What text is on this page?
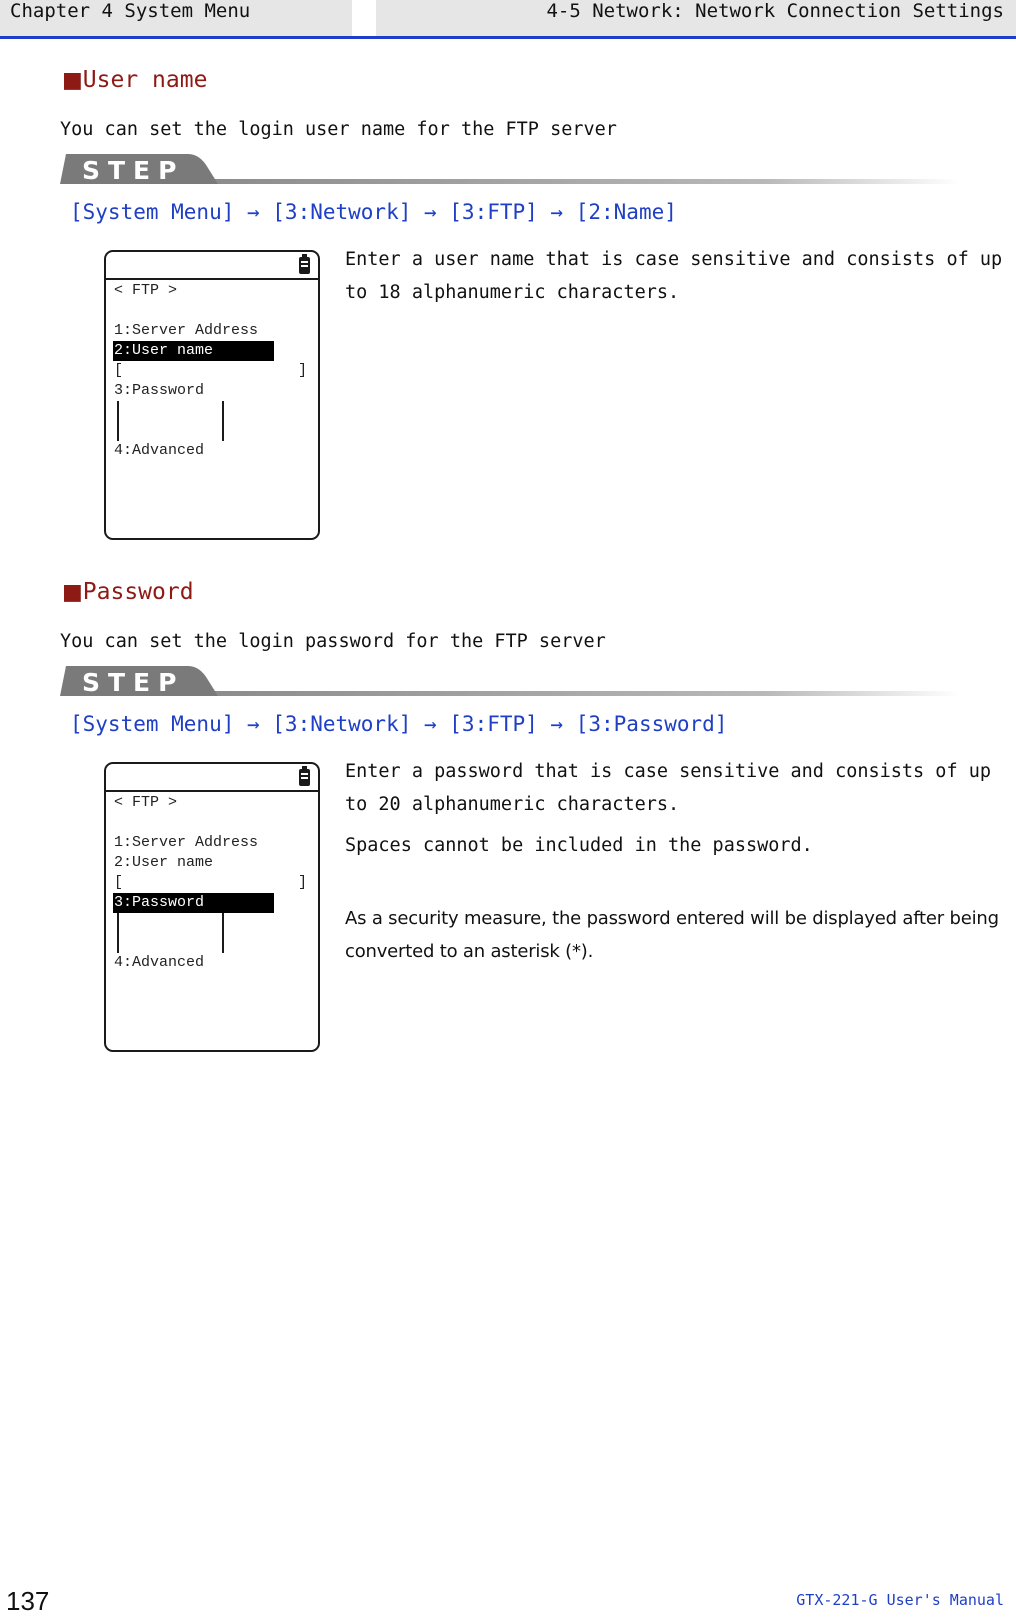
Chapter 4 System Menu	4-5 Network: Network Connection Settings
■User name
You can set the login user name for the FTP server
STEP
[System Menu] → [3:Network] → [3:FTP] → [2:Name]
< FTP >
1:Server Address
2:User name
[	]
3:Password
4:Advanced

Enter a user name that is case sensitive and consists of up to 18 alphanumeric characters.

■Password
You can set the login password for the FTP server
STEP
[System Menu] → [3:Network] → [3:FTP] → [3:Password]
< FTP >
1:Server Address
2:User name
[	]
3:Password
4:Advanced

Enter a password that is case sensitive and consists of up to 20 alphanumeric characters.

Spaces cannot be included in the password.

As a security measure, the password entered will be displayed after being converted to an asterisk (*).

137	GTX-221-G User's Manual
